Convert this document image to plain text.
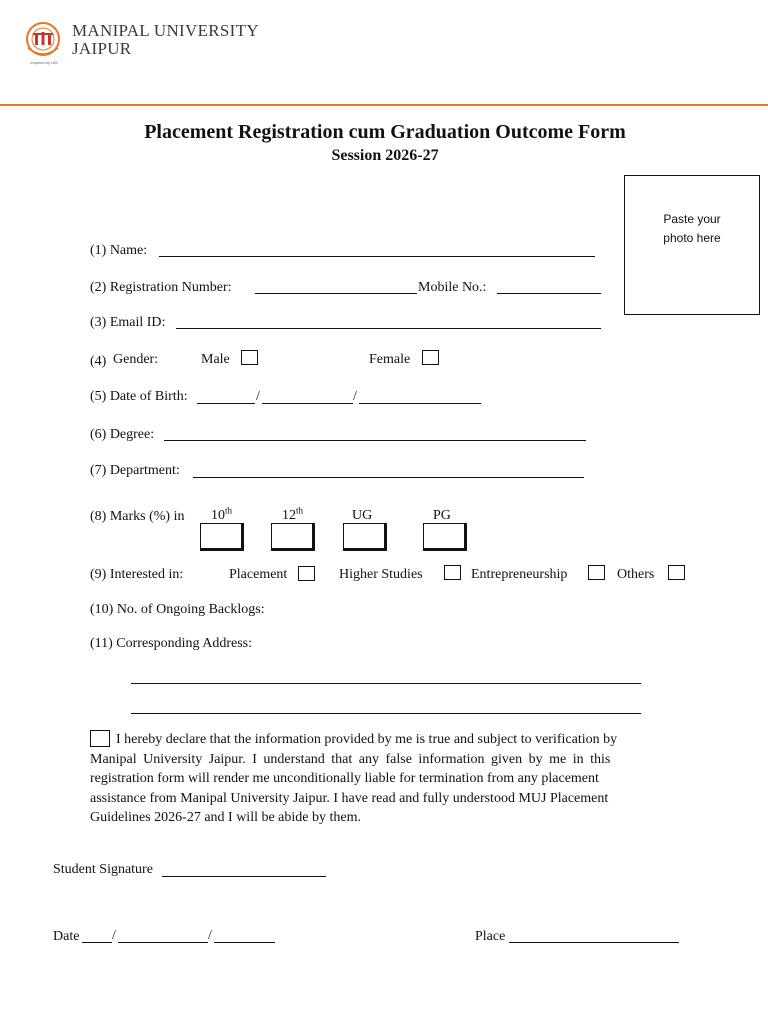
Inspired by Life
MANIPAL UNIVERSITY
JAIPUR
Placement Registration cum Graduation Outcome Form
Session 2026-27
Paste your
photo here
(1) Name:
(2) Registration Number:	Mobile No.:
(3) Email ID:
(4) Gender:	Male	Female
(5) Date of Birth:	/	/
(6) Degree:
(7) Department:
(8) Marks (%) in 10th	12th	UG	PG
(9) Interested in:	Placement	Higher Studies	Entrepreneurship	Others
(10) No. of Ongoing Backlogs:
(11) Corresponding Address:
I hereby declare that the information provided by me is true and subject to verification by
Manipal University Jaipur. I understand that any false information given by me in this
registration form will render me unconditionally liable for termination from any placement
assistance from Manipal University Jaipur. I have read and fully understood MUJ Placement
Guidelines 2026-27 and I will be abide by them.
Student Signature
Date /	/	Place
